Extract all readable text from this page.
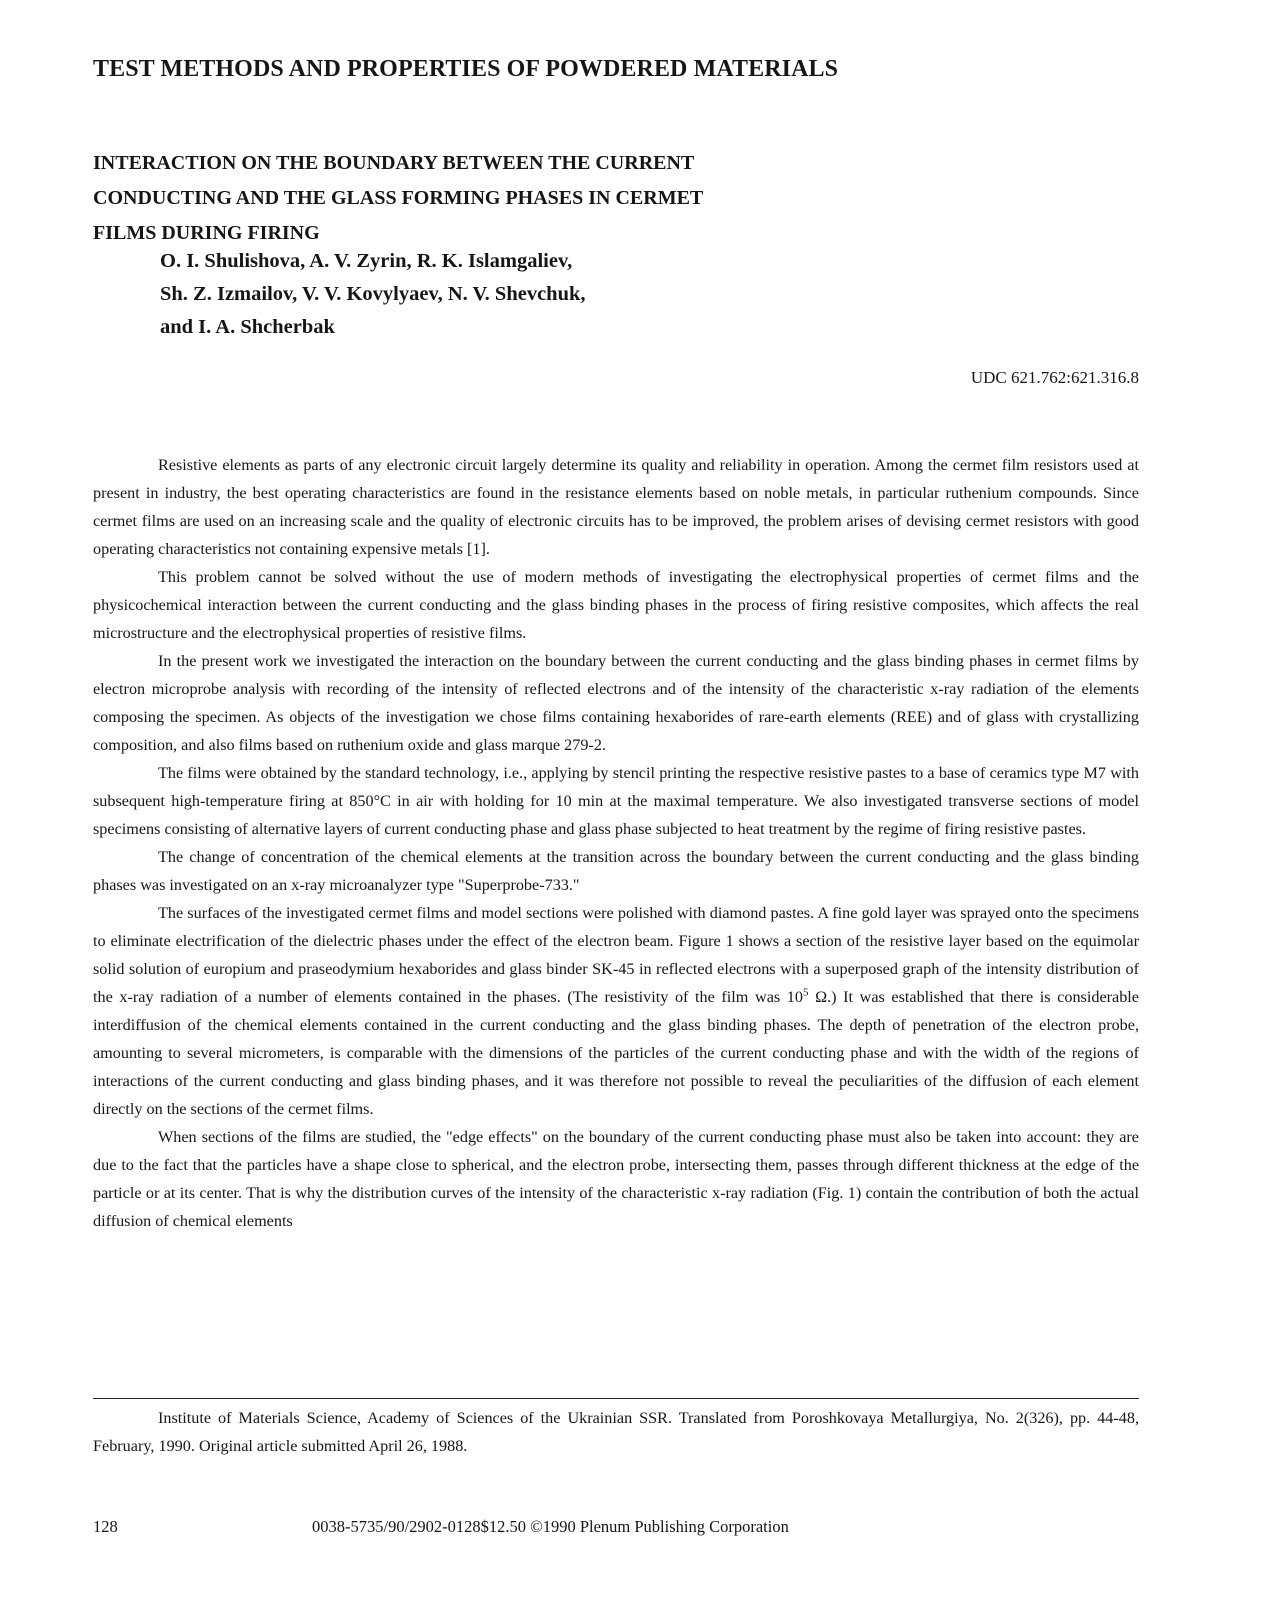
TEST METHODS AND PROPERTIES OF POWDERED MATERIALS
INTERACTION ON THE BOUNDARY BETWEEN THE CURRENT
CONDUCTING AND THE GLASS FORMING PHASES IN CERMET
FILMS DURING FIRING
O. I. Shulishova, A. V. Zyrin, R. K. Islamgaliev,
Sh. Z. Izmailov, V. V. Kovylyaev, N. V. Shevchuk,
and I. A. Shcherbak
UDC 621.762:621.316.8

Resistive elements as parts of any electronic circuit largely determine its quality and reliability in operation. Among the cermet film resistors used at present in industry, the best operating characteristics are found in the resistance elements based on noble metals, in particular ruthenium compounds. Since cermet films are used on an increasing scale and the quality of electronic circuits has to be improved, the problem arises of devising cermet resistors with good operating characteristics not containing expensive metals [1].

This problem cannot be solved without the use of modern methods of investigating the electrophysical properties of cermet films and the physicochemical interaction between the current conducting and the glass binding phases in the process of firing resistive composites, which affects the real microstructure and the electrophysical properties of resistive films.

In the present work we investigated the interaction on the boundary between the current conducting and the glass binding phases in cermet films by electron microprobe analysis with recording of the intensity of reflected electrons and of the intensity of the characteristic x-ray radiation of the elements composing the specimen. As objects of the investigation we chose films containing hexaborides of rare-earth elements (REE) and of glass with crystallizing composition, and also films based on ruthenium oxide and glass marque 279-2.

The films were obtained by the standard technology, i.e., applying by stencil printing the respective resistive pastes to a base of ceramics type M7 with subsequent high-temperature firing at 850°C in air with holding for 10 min at the maximal temperature. We also investigated transverse sections of model specimens consisting of alternative layers of current conducting phase and glass phase subjected to heat treatment by the regime of firing resistive pastes.

The change of concentration of the chemical elements at the transition across the boundary between the current conducting and the glass binding phases was investigated on an x-ray microanalyzer type "Superprobe-733."

The surfaces of the investigated cermet films and model sections were polished with diamond pastes. A fine gold layer was sprayed onto the specimens to eliminate electrification of the dielectric phases under the effect of the electron beam. Figure 1 shows a section of the resistive layer based on the equimolar solid solution of europium and praseodymium hexaborides and glass binder SK-45 in reflected electrons with a superposed graph of the intensity distribution of the x-ray radiation of a number of elements contained in the phases. (The resistivity of the film was $10^5$ Ω.) It was established that there is considerable interdiffusion of the chemical elements contained in the current conducting and the glass binding phases. The depth of penetration of the electron probe, amounting to several micrometers, is comparable with the dimensions of the particles of the current conducting phase and with the width of the regions of interactions of the current conducting and glass binding phases, and it was therefore not possible to reveal the peculiarities of the diffusion of each element directly on the sections of the cermet films.

When sections of the films are studied, the "edge effects" on the boundary of the current conducting phase must also be taken into account: they are due to the fact that the particles have a shape close to spherical, and the electron probe, intersecting them, passes through different thickness at the edge of the particle or at its center. That is why the distribution curves of the intensity of the characteristic x-ray radiation (Fig. 1) contain the contribution of both the actual diffusion of chemical elements

Institute of Materials Science, Academy of Sciences of the Ukrainian SSR. Translated from Poroshkovaya Metallurgiya, No. 2(326), pp. 44-48, February, 1990. Original article submitted April 26, 1988.

128	0038-5735/90/2902-0128$12.50 ©1990 Plenum Publishing Corporation
